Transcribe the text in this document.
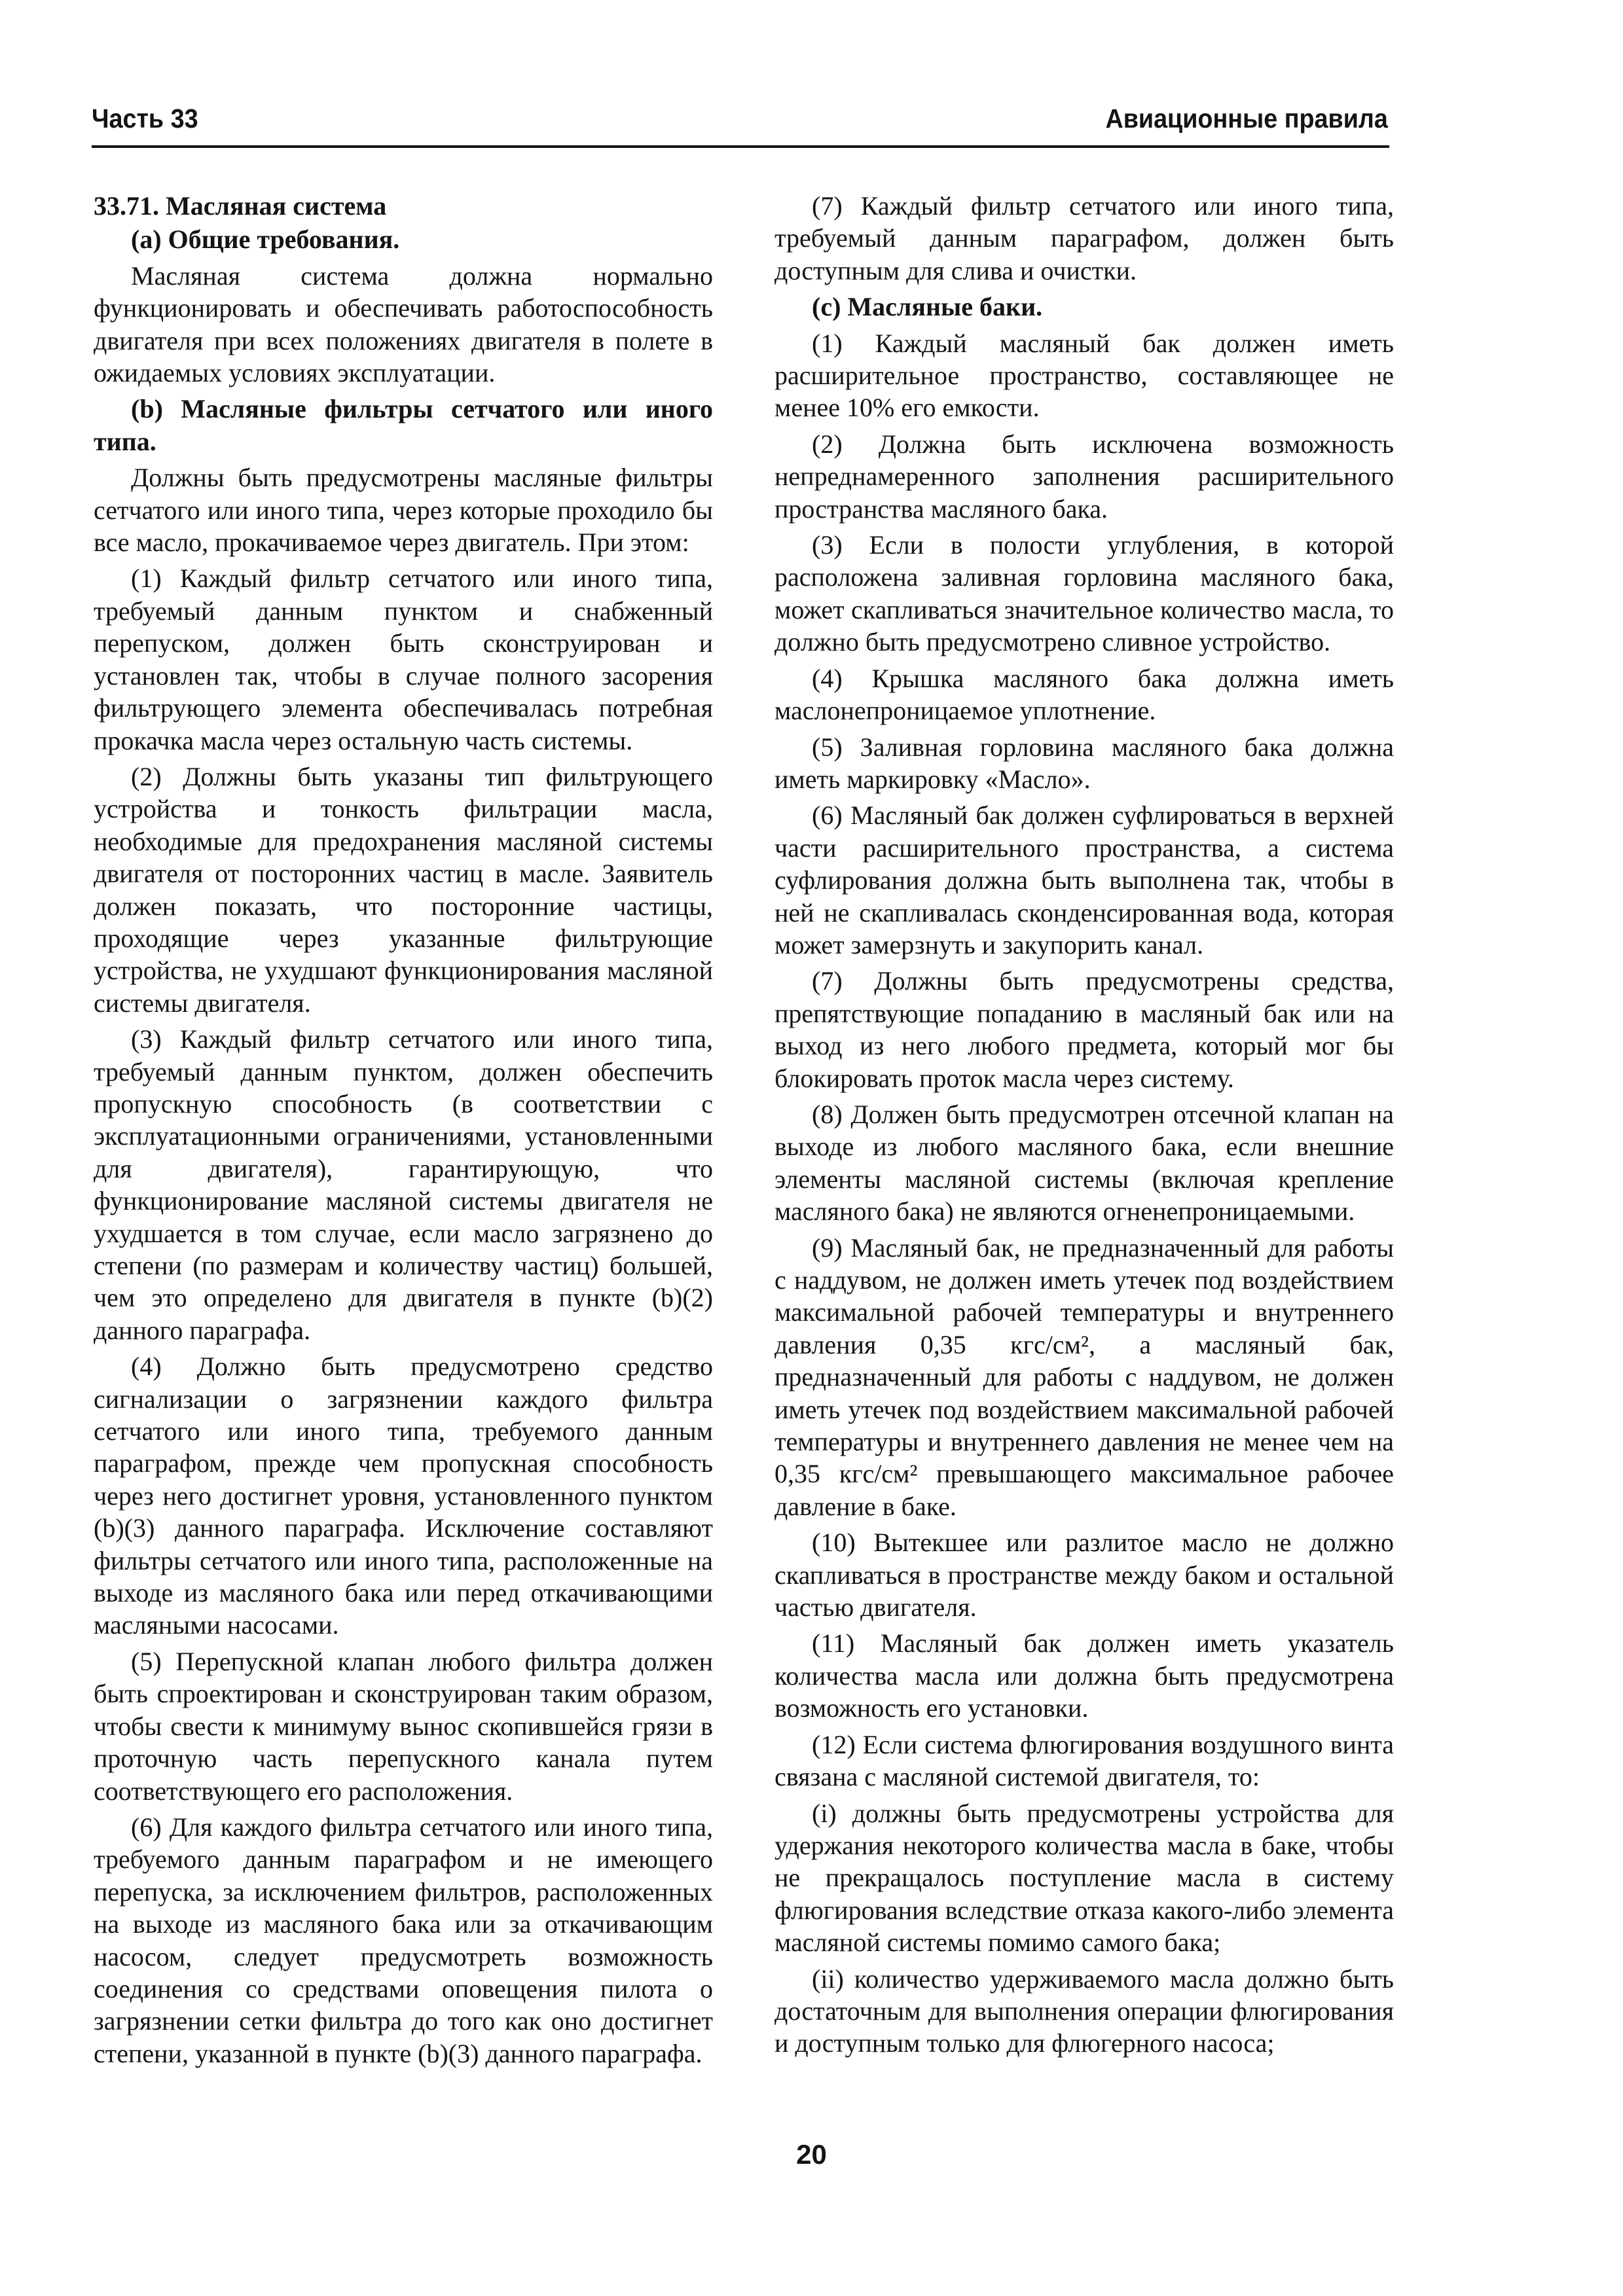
Часть 33	Авиационные правила

33.71. Масляная система

(a) Общие требования.

Масляная система должна нормально функционировать и обеспечивать работоспособность двигателя при всех положениях двигателя в полете в ожидаемых условиях эксплуатации.

(b) Масляные фильтры сетчатого или иного типа.

Должны быть предусмотрены масляные фильтры сетчатого или иного типа, через которые проходило бы все масло, прокачиваемое через двигатель. При этом:

(1) Каждый фильтр сетчатого или иного типа, требуемый данным пунктом и снабженный перепуском, должен быть сконструирован и установлен так, чтобы в случае полного засорения фильтрующего элемента обеспечивалась потребная прокачка масла через остальную часть системы.

(2) Должны быть указаны тип фильтрующего устройства и тонкость фильтрации масла, необходимые для предохранения масляной системы двигателя от посторонних частиц в масле. Заявитель должен показать, что посторонние частицы, проходящие через указанные фильтрующие устройства, не ухудшают функционирования масляной системы двигателя.

(3) Каждый фильтр сетчатого или иного типа, требуемый данным пунктом, должен обеспечить пропускную способность (в соответствии с эксплуатационными ограничениями, установленными для двигателя), гарантирующую, что функционирование масляной системы двигателя не ухудшается в том случае, если масло загрязнено до степени (по размерам и количеству частиц) большей, чем это определено для двигателя в пункте (b)(2) данного параграфа.

(4) Должно быть предусмотрено средство сигнализации о загрязнении каждого фильтра сетчатого или иного типа, требуемого данным параграфом, прежде чем пропускная способность через него достигнет уровня, установленного пунктом (b)(3) данного параграфа. Исключение составляют фильтры сетчатого или иного типа, расположенные на выходе из масляного бака или перед откачивающими масляными насосами.

(5) Перепускной клапан любого фильтра должен быть спроектирован и сконструирован таким образом, чтобы свести к минимуму вынос скопившейся грязи в проточную часть перепускного канала путем соответствующего его расположения.

(6) Для каждого фильтра сетчатого или иного типа, требуемого данным параграфом и не имеющего перепуска, за исключением фильтров, расположенных на выходе из масляного бака или за откачивающим насосом, следует предусмотреть возможность соединения со средствами оповещения пилота о загрязнении сетки фильтра до того как оно достигнет степени, указанной в пункте (b)(3) данного параграфа.

(7) Каждый фильтр сетчатого или иного типа, требуемый данным параграфом, должен быть доступным для слива и очистки.

(c) Масляные баки.

(1) Каждый масляный бак должен иметь расширительное пространство, составляющее не менее 10% его емкости.

(2) Должна быть исключена возможность непреднамеренного заполнения расширительного пространства масляного бака.

(3) Если в полости углубления, в которой расположена заливная горловина масляного бака, может скапливаться значительное количество масла, то должно быть предусмотрено сливное устройство.

(4) Крышка масляного бака должна иметь маслонепроницаемое уплотнение.

(5) Заливная горловина масляного бака должна иметь маркировку «Масло».

(6) Масляный бак должен суфлироваться в верхней части расширительного пространства, а система суфлирования должна быть выполнена так, чтобы в ней не скапливалась сконденсированная вода, которая может замерзнуть и закупорить канал.

(7) Должны быть предусмотрены средства, препятствующие попаданию в масляный бак или на выход из него любого предмета, который мог бы блокировать проток масла через систему.

(8) Должен быть предусмотрен отсечной клапан на выходе из любого масляного бака, если внешние элементы масляной системы (включая крепление масляного бака) не являются огненепроницаемыми.

(9) Масляный бак, не предназначенный для работы с наддувом, не должен иметь утечек под воздействием максимальной рабочей температуры и внутреннего давления 0,35 кгс/см², а масляный бак, предназначенный для работы с наддувом, не должен иметь утечек под воздействием максимальной рабочей температуры и внутреннего давления не менее чем на 0,35 кгс/см² превышающего максимальное рабочее давление в баке.

(10) Вытекшее или разлитое масло не должно скапливаться в пространстве между баком и остальной частью двигателя.

(11) Масляный бак должен иметь указатель количества масла или должна быть предусмотрена возможность его установки.

(12) Если система флюгирования воздушного винта связана с масляной системой двигателя, то:

(i) должны быть предусмотрены устройства для удержания некоторого количества масла в баке, чтобы не прекращалось поступление масла в систему флюгирования вследствие отказа какого-либо элемента масляной системы помимо самого бака;

(ii) количество удерживаемого масла должно быть достаточным для выполнения операции флюгирования и доступным только для флюгерного насоса;

20
